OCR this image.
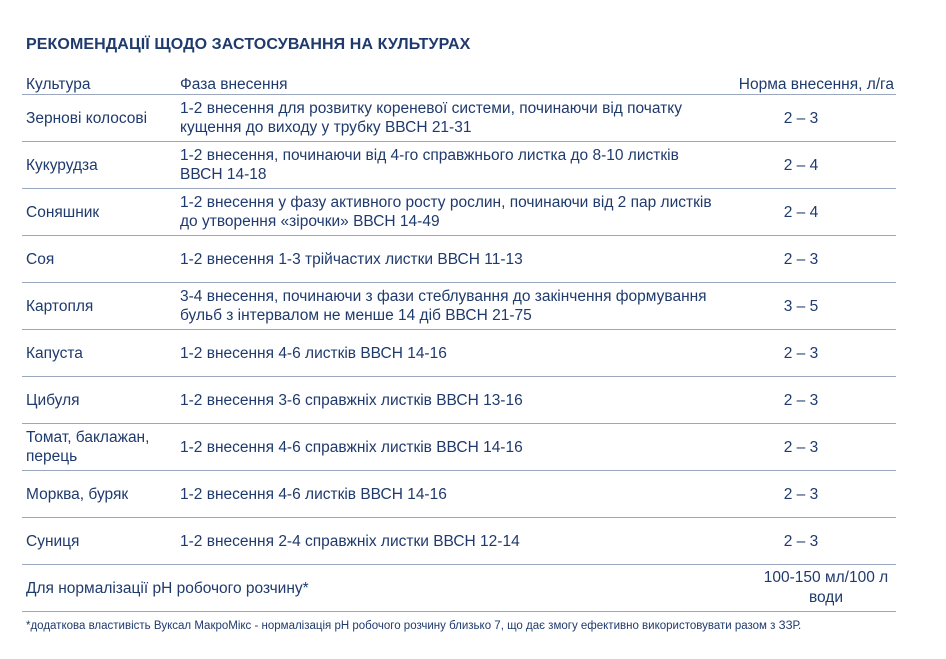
РЕКОМЕНДАЦІЇ ЩОДО ЗАСТОСУВАННЯ НА КУЛЬТУРАХ
Культура	Фаза внесення	Норма внесення, л/га
Зернові колосові	1-2 внесення для розвитку кореневої системи, починаючи від початку кущення до виходу у трубку ВВСН 21-31	2 – 3
Кукурудза	1-2 внесення, починаючи від 4-го справжнього листка до 8-10 листків ВВСН 14-18	2 – 4
Соняшник	1-2 внесення у фазу активного росту рослин, починаючи від 2 пар листків до утворення «зірочки» ВВСН 14-49	2 – 4
Соя	1-2 внесення 1-3 трійчастих листки ВВСН 11-13	2 – 3
Картопля	3-4 внесення, починаючи з фази стеблування до закінчення формування бульб з інтервалом не менше 14 діб ВВСН 21-75	3 – 5
Капуста	1-2 внесення 4-6 листків ВВСН 14-16	2 – 3
Цибуля	1-2 внесення 3-6 справжніх листків ВВСН 13-16	2 – 3
Томат, баклажан, перець	1-2 внесення 4-6 справжніх листків ВВСН 14-16	2 – 3
Морква, буряк	1-2 внесення 4-6 листків ВВСН 14-16	2 – 3
Суниця	1-2 внесення 2-4 справжніх листки ВВСН 12-14	2 – 3
Для нормалізації pH робочого розчину*		100-150 мл/100 л води
*додаткова властивість Вуксал МакроМікс - нормалізація pH робочого розчину близько 7, що дає змогу ефективно використовувати разом з ЗЗР.
